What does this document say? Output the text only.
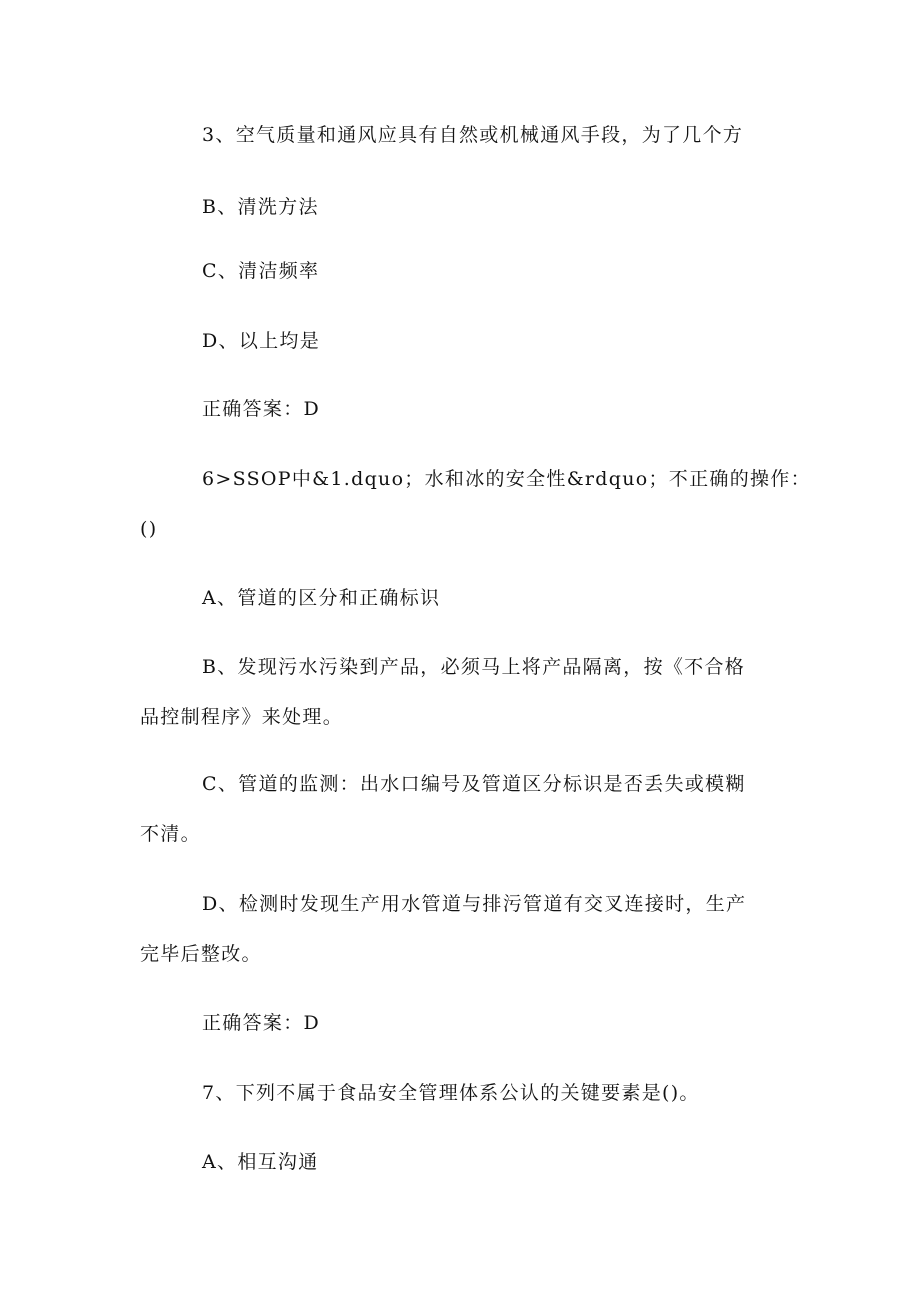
3、空气质量和通风应具有自然或机械通风手段，为了几个方

B、清洗方法

C、清洁频率

D、以上均是

正确答案：D

6>SSOP中&1.dquo；水和冰的安全性&rdquo；不正确的操作：

()

A、管道的区分和正确标识

B、发现污水污染到产品，必须马上将产品隔离，按《不合格

品控制程序》来处理。

C、管道的监测：出水口编号及管道区分标识是否丢失或模糊

不清。

D、检测时发现生产用水管道与排污管道有交叉连接时，生产

完毕后整改。

正确答案：D

7、下列不属于食品安全管理体系公认的关键要素是()。

A、相互沟通
